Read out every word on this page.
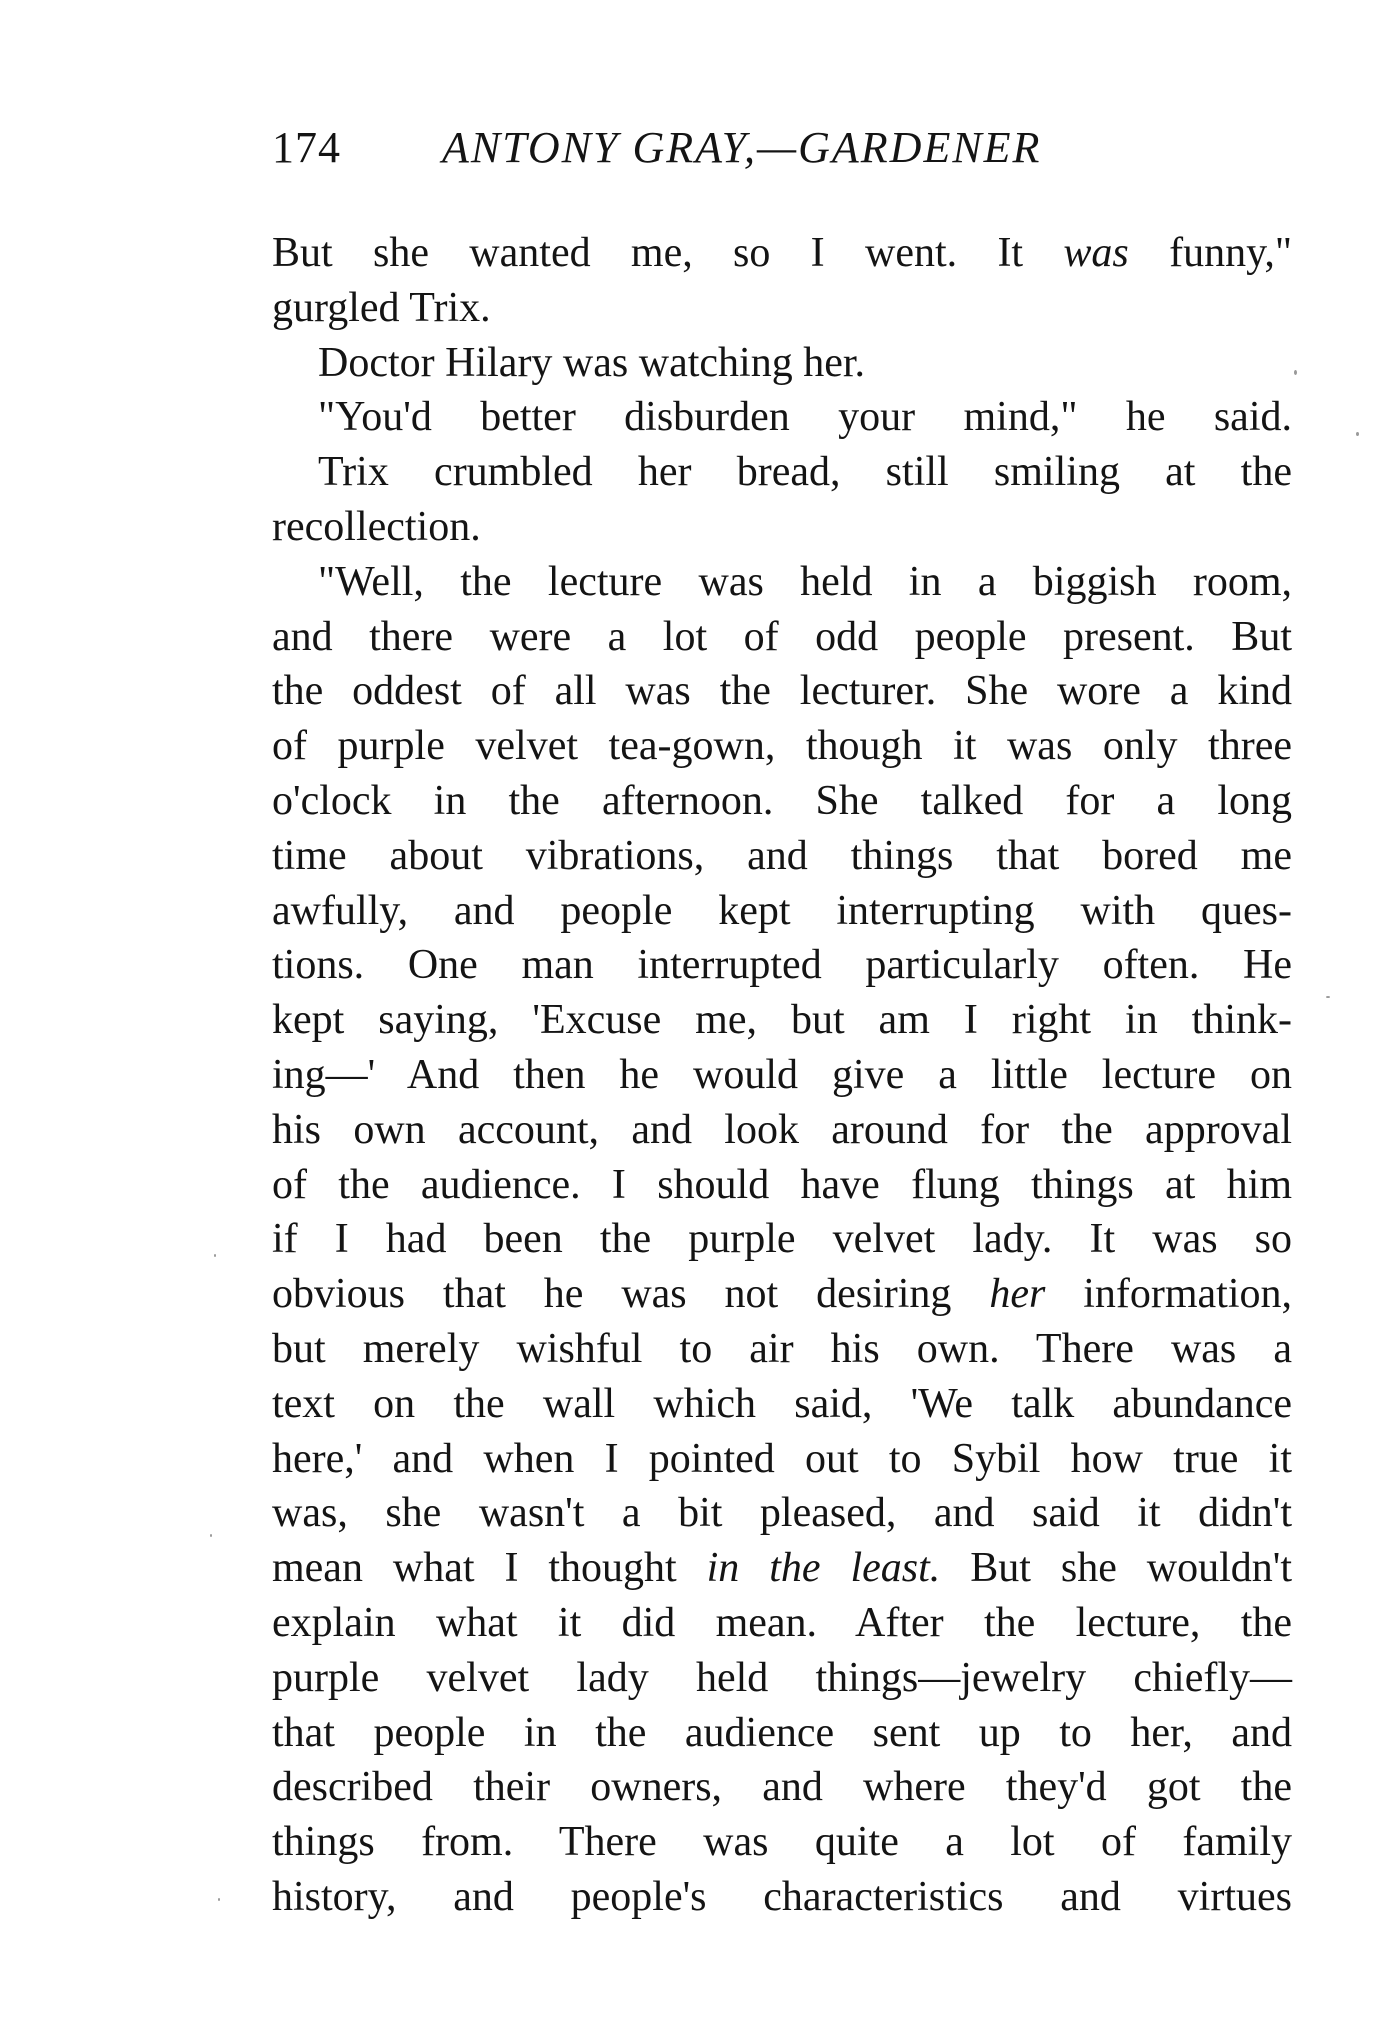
174 ANTONY GRAY,—GARDENER
But she wanted me, so I went. It was funny,"
gurgled Trix.
Doctor Hilary was watching her.
"You'd better disburden your mind," he said.
Trix crumbled her bread, still smiling at the
recollection.
"Well, the lecture was held in a biggish room,
and there were a lot of odd people present. But
the oddest of all was the lecturer. She wore a kind
of purple velvet tea-gown, though it was only three
o'clock in the afternoon. She talked for a long
time about vibrations, and things that bored me
awfully, and people kept interrupting with ques-
tions. One man interrupted particularly often. He
kept saying, 'Excuse me, but am I right in think-
ing—' And then he would give a little lecture on
his own account, and look around for the approval
of the audience. I should have flung things at him
if I had been the purple velvet lady. It was so
obvious that he was not desiring her information,
but merely wishful to air his own. There was a
text on the wall which said, 'We talk abundance
here,' and when I pointed out to Sybil how true it
was, she wasn't a bit pleased, and said it didn't
mean what I thought in the least. But she wouldn't
explain what it did mean. After the lecture, the
purple velvet lady held things—jewelry chiefly—
that people in the audience sent up to her, and
described their owners, and where they'd got the
things from. There was quite a lot of family
history, and people's characteristics and virtues
